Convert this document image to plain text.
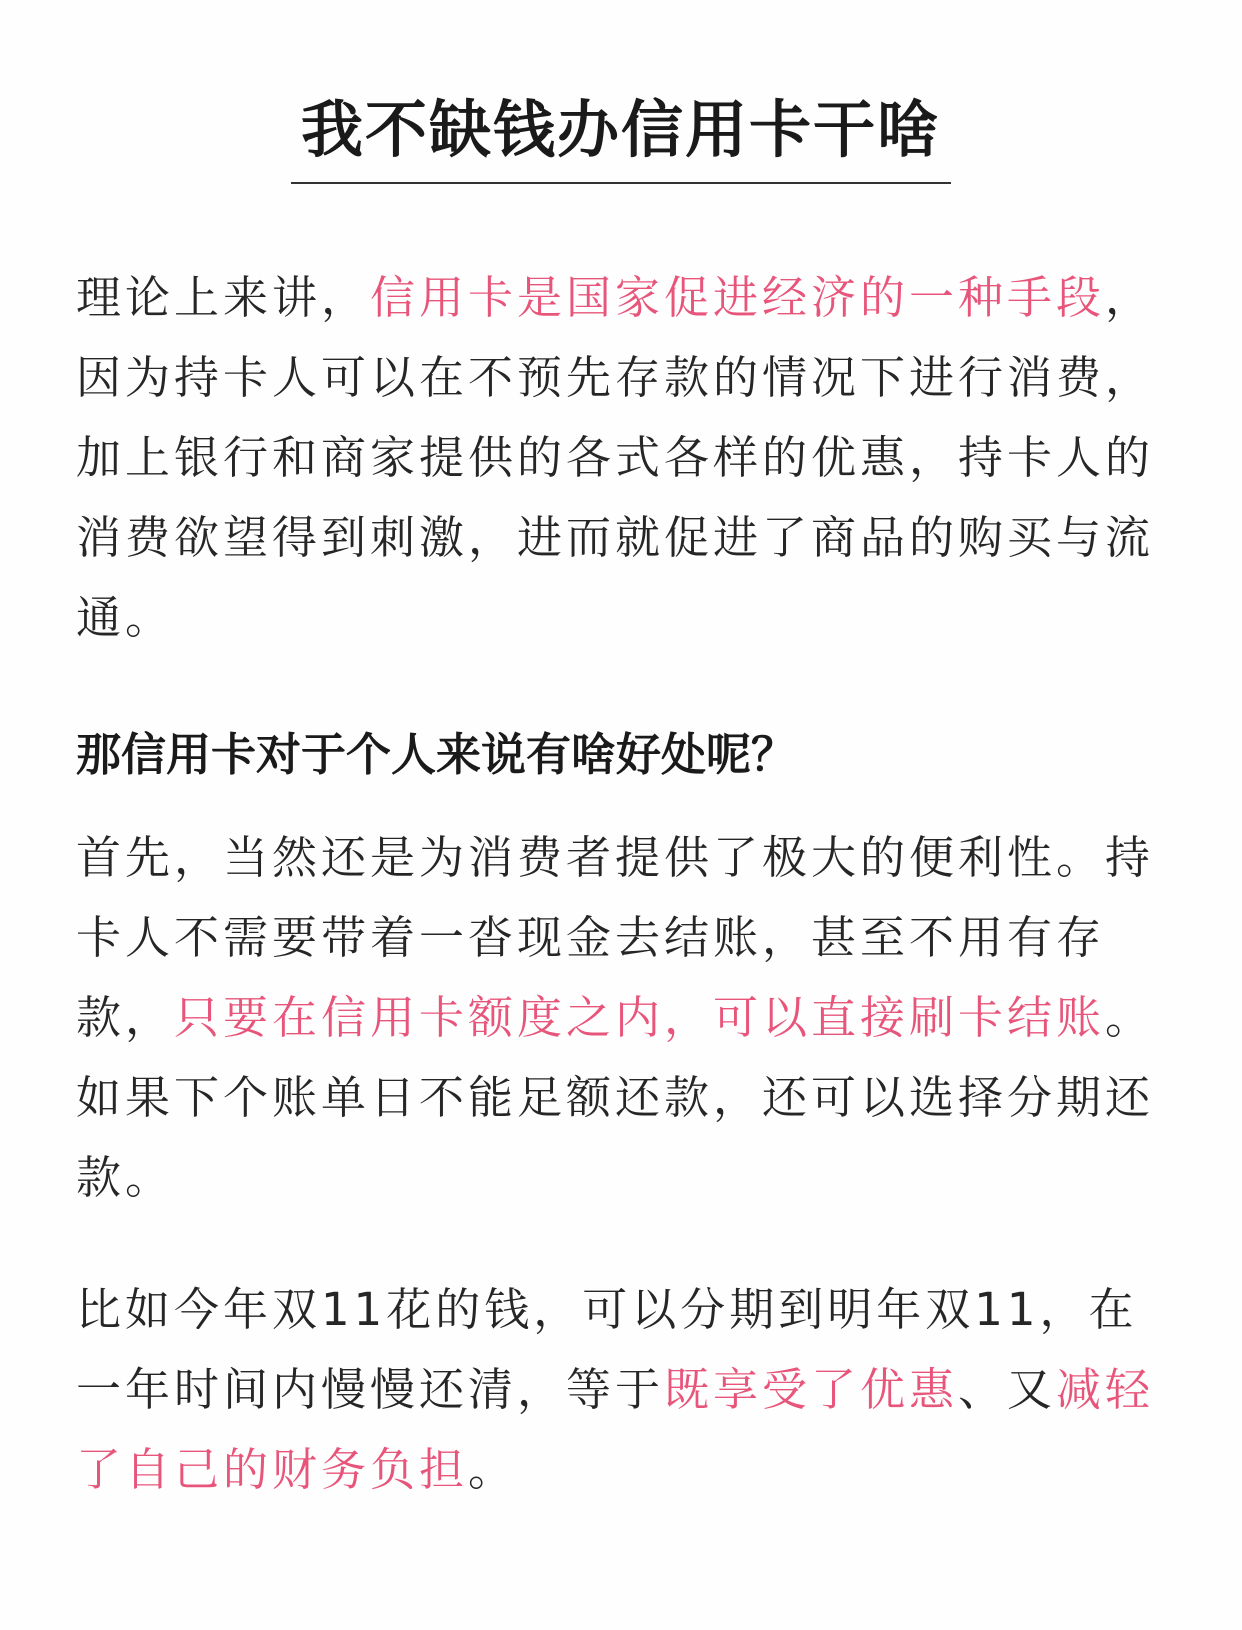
我不缺钱办信用卡干啥

理论上来讲，信用卡是国家促进经济的一种手段，因为持卡人可以在不预先存款的情况下进行消费，加上银行和商家提供的各式各样的优惠，持卡人的消费欲望得到刺激，进而就促进了商品的购买与流通。

那信用卡对于个人来说有啥好处呢？

首先，当然还是为消费者提供了极大的便利性。持卡人不需要带着一沓现金去结账，甚至不用有存款，只要在信用卡额度之内，可以直接刷卡结账。如果下个账单日不能足额还款，还可以选择分期还款。

比如今年双11花的钱，可以分期到明年双11，在一年时间内慢慢还清，等于既享受了优惠、又减轻了自己的财务负担。
